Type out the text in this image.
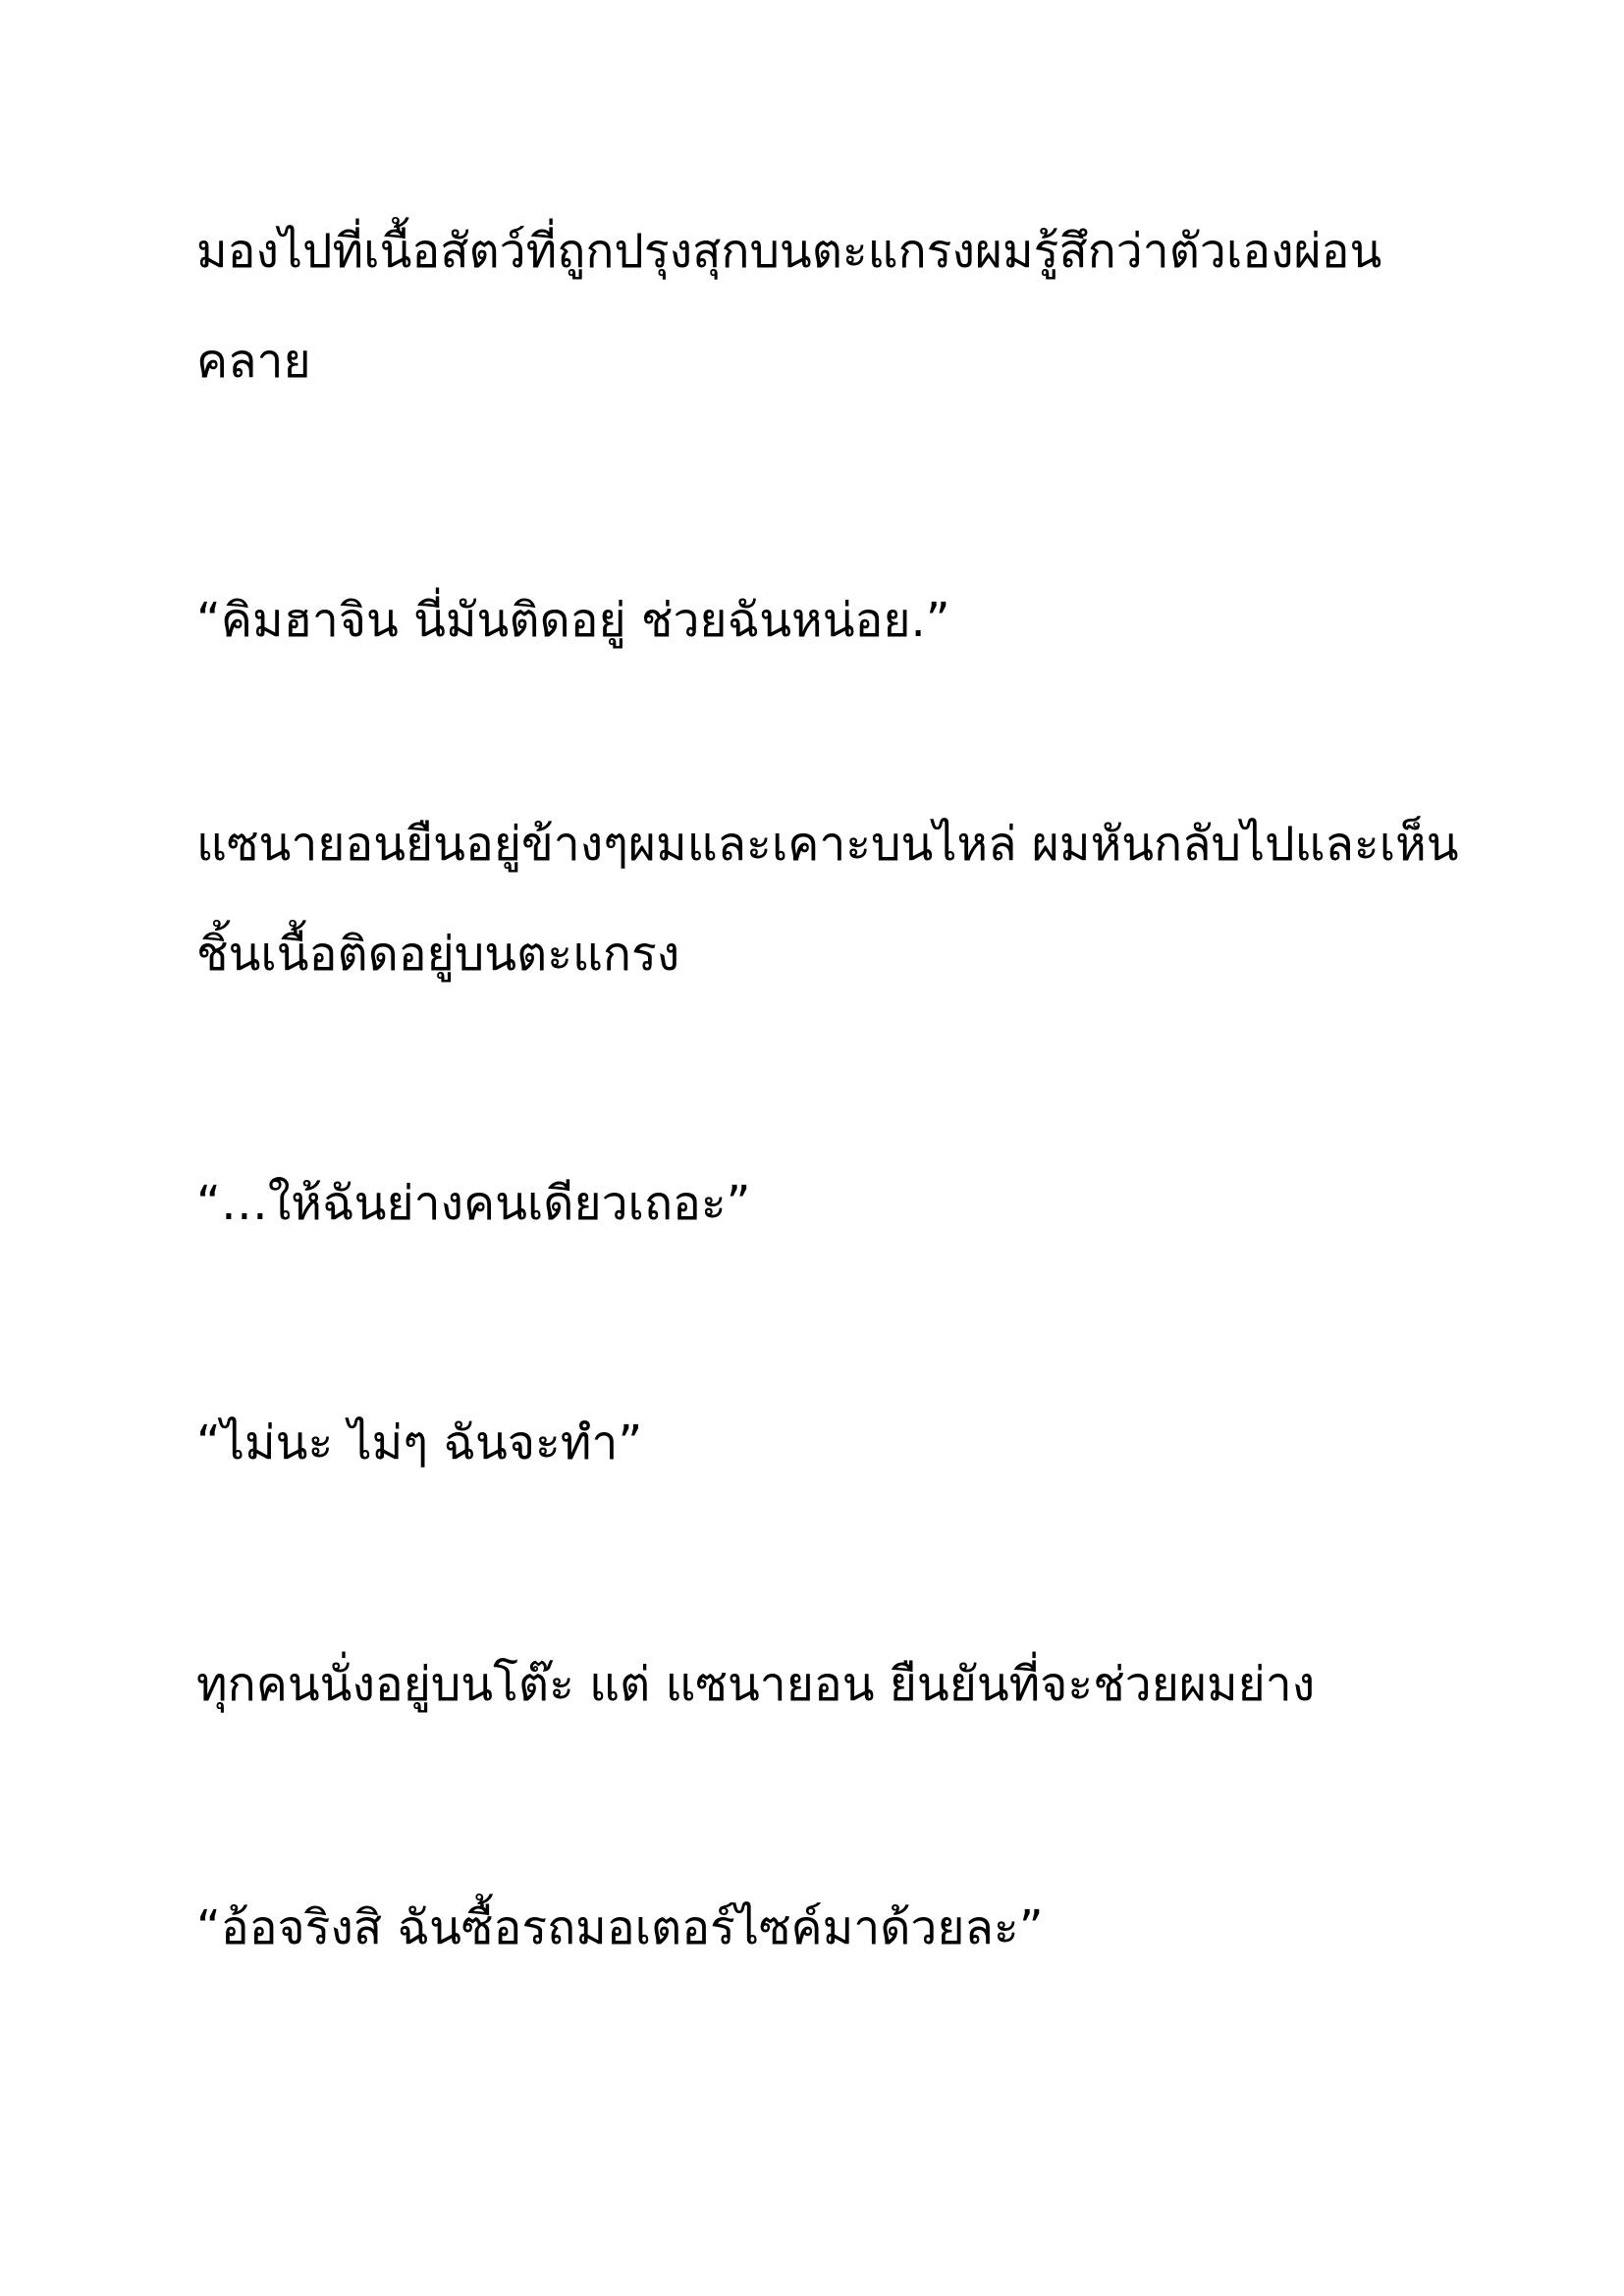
มองไปที่เนื้อสัตว์ที่ถูกปรุงสุกบนตะแกรงผมรู้สึกว่าตัวเองผ่อน
คลาย

“คิมฮาจิน นี่มันติดอยู่ ช่วยฉันหน่อย.”

แซนายอนยืนอยู่ข้างๆผมและเคาะบนไหล่ ผมหันกลับไปและเห็น
ชิ้นเนื้อติดอยู่บนตะแกรง

“…ให้ฉันย่างคนเดียวเถอะ”

“ไม่นะ ไม่ๆ ฉันจะทำ”

ทุกคนนั่งอยู่บนโต๊ะ แต่ แซนายอน ยืนยันที่จะช่วยผมย่าง

“อ้อจริงสิ ฉันซื้อรถมอเตอร์ไซค์มาด้วยละ”
